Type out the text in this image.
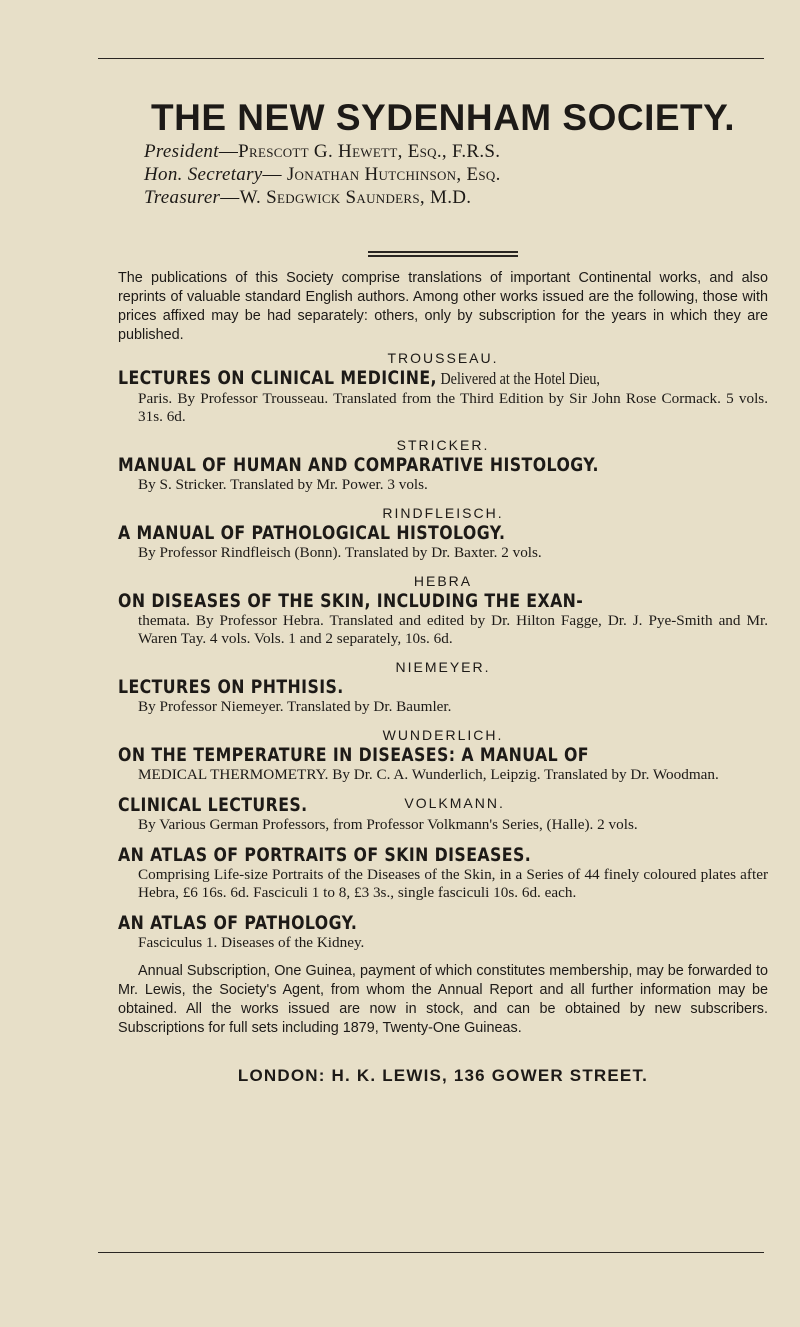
THE NEW SYDENHAM SOCIETY.
President—Prescott G. Hewett, Esq., F.R.S.
Hon. Secretary— Jonathan Hutchinson, Esq.
Treasurer—W. Sedgwick Saunders, M.D.

The publications of this Society comprise translations of important Continental works, and also reprints of valuable standard English authors. Among other works issued are the following, those with prices affixed may be had separately: others, only by subscription for the years in which they are published.

TROUSSEAU.
LECTURES ON CLINICAL MEDICINE, Delivered at the Hotel Dieu,
Paris. By Professor Trousseau. Translated from the Third Edition by Sir John Rose Cormack. 5 vols. 31s. 6d.
STRICKER.
MANUAL OF HUMAN AND COMPARATIVE HISTOLOGY.
By S. Stricker. Translated by Mr. Power. 3 vols.
RINDFLEISCH.
A MANUAL OF PATHOLOGICAL HISTOLOGY.
By Professor Rindfleisch (Bonn). Translated by Dr. Baxter. 2 vols.
HEBRA
ON DISEASES OF THE SKIN, INCLUDING THE EXAN-
themata. By Professor Hebra. Translated and edited by Dr. Hilton Fagge, Dr. J. Pye-Smith and Mr. Waren Tay. 4 vols. Vols. 1 and 2 separately, 10s. 6d.
NIEMEYER.
LECTURES ON PHTHISIS.
By Professor Niemeyer. Translated by Dr. Baumler.
WUNDERLICH.
ON THE TEMPERATURE IN DISEASES: A MANUAL OF
MEDICAL THERMOMETRY. By Dr. C. A. Wunderlich, Leipzig. Translated by Dr. Woodman.
CLINICAL LECTURES.	VOLKMANN.
By Various German Professors, from Professor Volkmann's Series, (Halle). 2 vols.
AN ATLAS OF PORTRAITS OF SKIN DISEASES.
Comprising Life-size Portraits of the Diseases of the Skin, in a Series of 44 finely coloured plates after Hebra, £6 16s. 6d. Fasciculi 1 to 8, £3 3s., single fasciculi 10s. 6d. each.
AN ATLAS OF PATHOLOGY.
Fasciculus 1. Diseases of the Kidney.

Annual Subscription, One Guinea, payment of which constitutes membership, may be forwarded to Mr. Lewis, the Society's Agent, from whom the Annual Report and all further information may be obtained. All the works issued are now in stock, and can be obtained by new subscribers. Subscriptions for full sets including 1879, Twenty-One Guineas.

LONDON: H. K. LEWIS, 136 GOWER STREET.
